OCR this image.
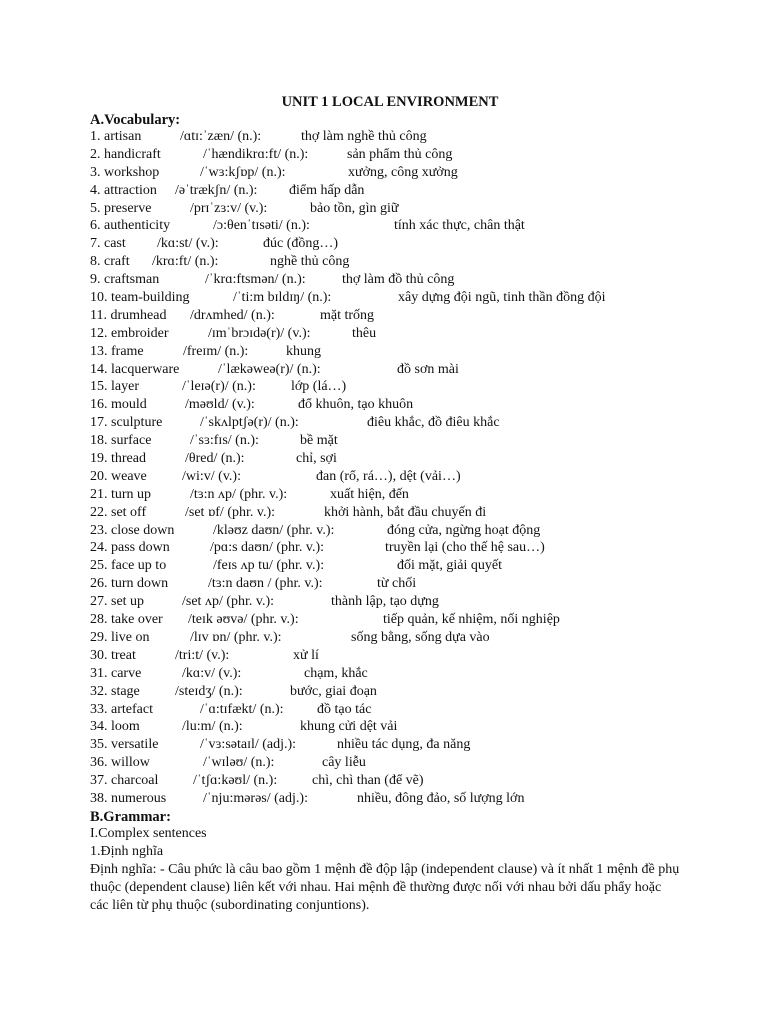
UNIT 1 LOCAL ENVIRONMENT
A.Vocabulary:
1. artisan	/ɑtɪ:ˈzæn/ (n.):	thợ làm nghề thủ công
2. handicraft	/ˈhændikrɑ:ft/ (n.):	sản phẩm thủ công
3. workshop	/ˈwɜ:kʃɒp/ (n.):	xưởng, công xưởng
4. attraction /əˈtrækʃn/ (n.): điểm hấp dẫn
5. preserve	/prɪˈzɜ:v/ (v.):	bảo tồn, gìn giữ
6. authenticity	/ɔ:θenˈtɪsəti/ (n.):	tính xác thực, chân thật
7. cast /kɑ:st/ (v.):	đúc (đồng…)
8. craft /krɑ:ft/ (n.):	nghề thủ công
9. craftsman	/ˈkrɑ:ftsmən/ (n.):	thợ làm đồ thủ công
10. team-building	/ˈti:m bɪldɪŋ/ (n.):	xây dựng đội ngũ, tinh thần đồng đội
11. drumhead /drʌmhed/ (n.):	mặt trống
12. embroider	/ɪmˈbrɔɪdə(r)/ (v.):	thêu
13. frame	/freɪm/ (n.):	khung
14. lacquerware	/ˈlækəweə(r)/ (n.):	đồ sơn mài
15. layer	/ˈleɪə(r)/ (n.):	lớp (lá…)
16. mould	/məʊld/ (v.):	đổ khuôn, tạo khuôn
17. sculpture	/ˈskʌlptʃə(r)/ (n.):	điêu khắc, đồ điêu khắc
18. surface	/ˈsɜ:fɪs/ (n.):	bề mặt
19. thread	/θred/ (n.):	chỉ, sợi
20. weave	/wi:v/ (v.):	đan (rổ, rá…), dệt (vải…)
21. turn up	/tɜ:n ʌp/ (phr. v.):	xuất hiện, đến
22. set off	/set ɒf/ (phr. v.):	khởi hành, bắt đầu chuyến đi
23. close down	/kləʊz daʊn/ (phr. v.):	đóng cửa, ngừng hoạt động
24. pass down	/pɑ:s daʊn/ (phr. v.):	truyền lại (cho thế hệ sau…)
25. face up to	/feɪs ʌp tu/ (phr. v.):	đối mặt, giải quyết
26. turn down	/tɜ:n daʊn / (phr. v.):	từ chối
27. set up	/set ʌp/ (phr. v.):	thành lập, tạo dựng
28. take over /teɪk əʊvə/ (phr. v.):	tiếp quản, kế nhiệm, nối nghiệp
29. live on	/lɪv ɒn/ (phr. v.):	sống bằng, sống dựa vào
30. treat	/tri:t/ (v.):	xử lí
31. carve	/kɑ:v/ (v.):	chạm, khắc
32. stage	/steɪdʒ/ (n.):	bước, giai đoạn
33. artefact	/ˈɑ:tɪfækt/ (n.): đồ tạo tác
34. loom	/lu:m/ (n.):	khung cửi dệt vải
35. versatile	/ˈvɜ:sətaɪl/ (adj.):	nhiều tác dụng, đa năng
36. willow	/ˈwɪləʊ/ (n.):	cây liễu
37. charcoal /ˈtʃɑ:kəʊl/ (n.): chì, chì than (để vẽ)
38. numerous	/ˈnju:mərəs/ (adj.):	nhiều, đông đảo, số lượng lớn
B.Grammar:
I.Complex sentences
1.Định nghĩa
Định nghĩa: - Câu phức là câu bao gồm 1 mệnh đề độp lập (independent clause) và ít nhất 1 mệnh đề phụ thuộc (dependent clause) liên kết với nhau. Hai mệnh đề thường được nối với nhau bởi dấu phẩy hoặc các liên từ phụ thuộc (subordinating conjuntions).
